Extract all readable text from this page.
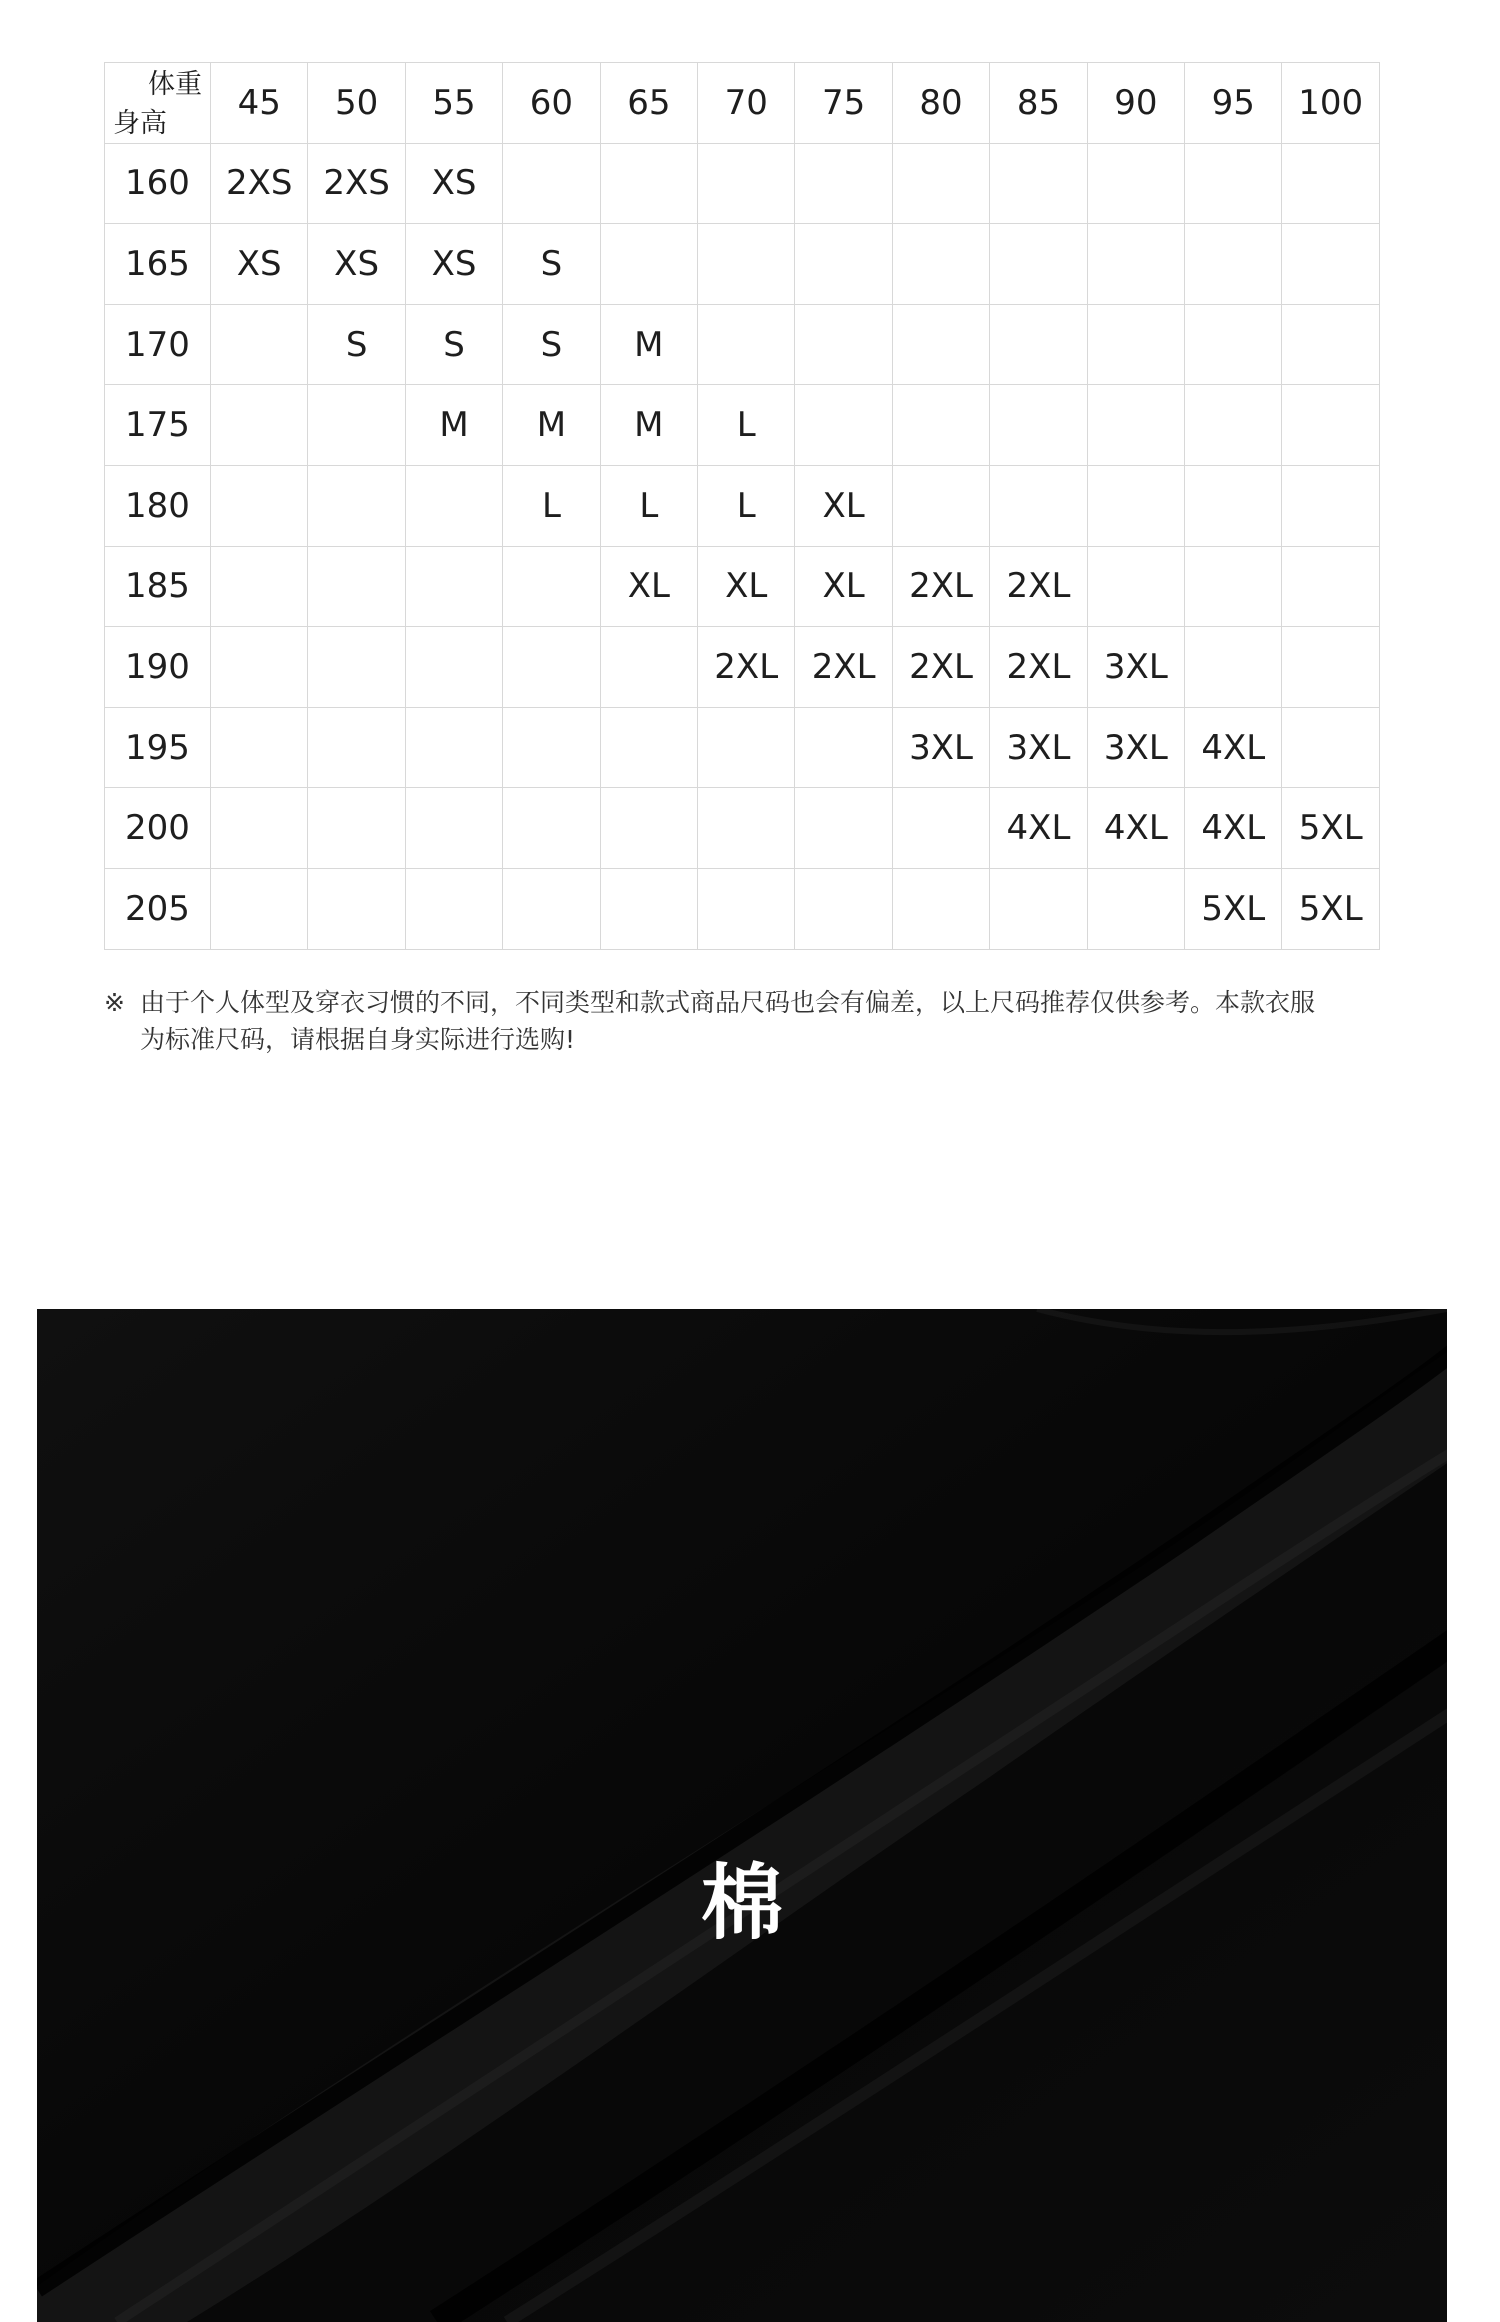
体重
身高	45	50	55	60	65	70	75	80	85	90	95	100
160	2XS	2XS	XS									
165	XS	XS	XS	S								
170		S	S	S	M							
175			M	M	M	L						
180				L	L	L	XL					
185					XL	XL	XL	2XL	2XL			
190						2XL	2XL	2XL	2XL	3XL		
195								3XL	3XL	3XL	4XL	
200									4XL	4XL	4XL	5XL
205											5XL	5XL
※ 由于个人体型及穿衣习惯的不同，不同类型和款式商品尺码也会有偏差，以上尺码推荐仅供参考。本款衣服
为标准尺码，请根据自身实际进行选购!
棉
